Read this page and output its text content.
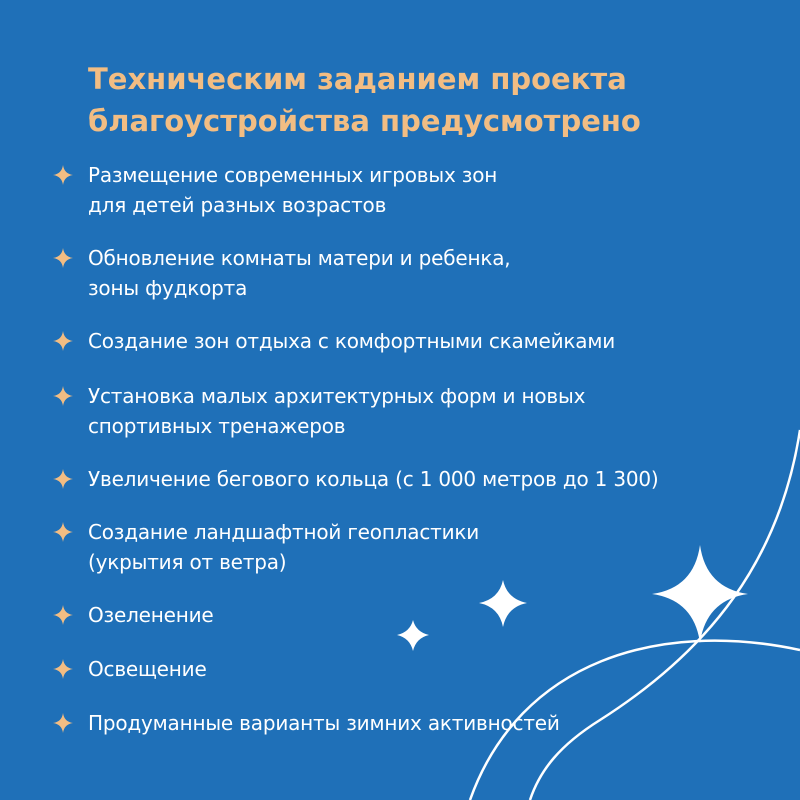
Техническим заданием проекта
благоустройства предусмотрено
Размещение современных игровых зон
для детей разных возрастов
Обновление комнаты матери и ребенка,
зоны фудкорта
Создание зон отдыха с комфортными скамейками
Установка малых архитектурных форм и новых
спортивных тренажеров
Увеличение бегового кольца (с 1 000 метров до 1 300)
Создание ландшафтной геопластики
(укрытия от ветра)
Озеленение
Освещение
Продуманные варианты зимних активностей
